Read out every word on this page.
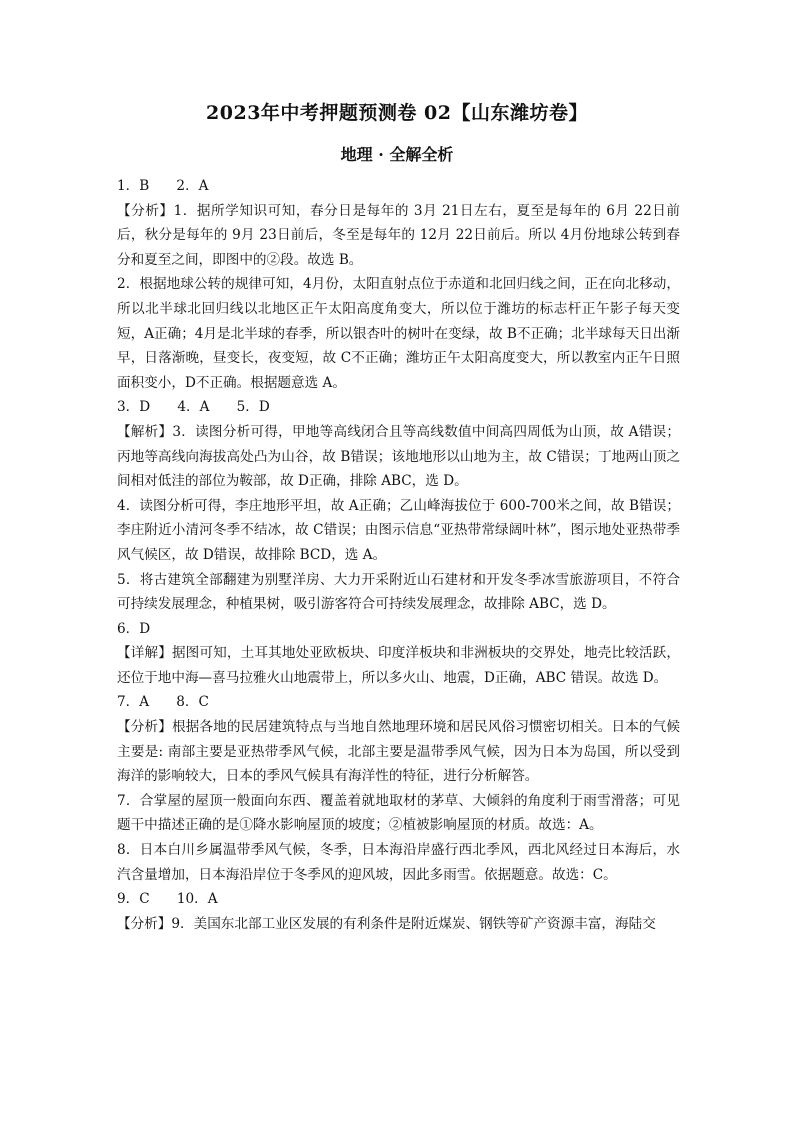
2023年中考押题预测卷 02【山东潍坊卷】
地理 · 全解全析

1．B　　2．A

【分析】1．据所学知识可知，春分日是每年的 3月 21日左右，夏至是每年的 6月 22日前后，秋分是每年的 9月 23日前后，冬至是每年的 12月 22日前后。所以 4月份地球公转到春分和夏至之间，即图中的②段。故选 B。

2．根据地球公转的规律可知，4月份，太阳直射点位于赤道和北回归线之间，正在向北移动，所以北半球北回归线以北地区正午太阳高度角变大，所以位于潍坊的标志杆正午影子每天变短，A正确；4月是北半球的春季，所以银杏叶的树叶在变绿，故 B不正确；北半球每天日出渐早，日落渐晚，昼变长，夜变短，故 C不正确；潍坊正午太阳高度变大，所以教室内正午日照面积变小，D不正确。根据题意选 A。

3．D　　4．A　　5．D

【解析】3．读图分析可得，甲地等高线闭合且等高线数值中间高四周低为山顶，故 A错误；丙地等高线向海拔高处凸为山谷，故 B错误；该地地形以山地为主，故 C错误；丁地两山顶之间相对低洼的部位为鞍部，故 D正确，排除 ABC，选 D。

4．读图分析可得，李庄地形平坦，故 A正确；乙山峰海拔位于 600-700米之间，故 B错误；李庄附近小清河冬季不结冰，故 C错误；由图示信息“亚热带常绿阔叶林”，图示地处亚热带季风气候区，故 D错误，故排除 BCD，选 A。

5．将古建筑全部翻建为别墅洋房、大力开采附近山石建材和开发冬季冰雪旅游项目，不符合可持续发展理念，种植果树，吸引游客符合可持续发展理念，故排除 ABC，选 D。

6．D

【详解】据图可知，土耳其地处亚欧板块、印度洋板块和非洲板块的交界处，地壳比较活跃，还位于地中海—喜马拉雅火山地震带上，所以多火山、地震，D正确，ABC 错误。故选 D。

7．A　　8．C

【分析】根据各地的民居建筑特点与当地自然地理环境和居民风俗习惯密切相关。日本的气候主要是: 南部主要是亚热带季风气候，北部主要是温带季风气候，因为日本为岛国，所以受到海洋的影响较大，日本的季风气候具有海洋性的特征，进行分析解答。

7．合掌屋的屋顶一般面向东西、覆盖着就地取材的茅草、大倾斜的角度利于雨雪滑落；可见题干中描述正确的是①降水影响屋顶的坡度；②植被影响屋顶的材质。故选：A。

8．日本白川乡属温带季风气候，冬季，日本海沿岸盛行西北季风，西北风经过日本海后，水汽含量增加，日本海沿岸位于冬季风的迎风坡，因此多雨雪。依据题意。故选：C。

9．C　　10．A

【分析】9．美国东北部工业区发展的有利条件是附近煤炭、钢铁等矿产资源丰富，海陆交
